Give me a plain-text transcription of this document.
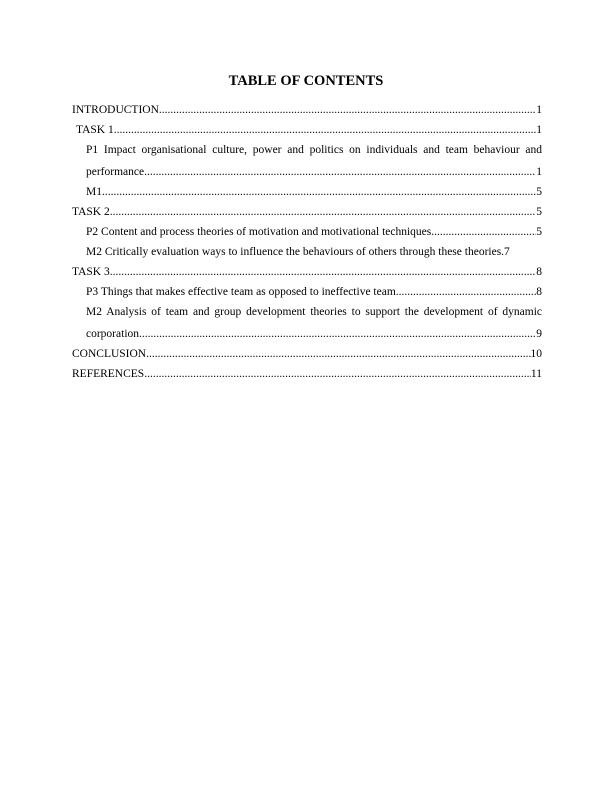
TABLE OF CONTENTS
INTRODUCTION .....	1
TASK 1 .....	1
P1 Impact organisational culture, power and politics on individuals and team behaviour and
performance .....	1
M1 .....	5
TASK 2 .....	5
P2 Content and process theories of motivation and motivational techniques .....	5
M2 Critically evaluation ways to influence the behaviours of others through these theories. 7
TASK 3 .....	8
P3 Things that makes effective team as opposed to ineffective team. .....	8
M2 Analysis of team and group development theories to support the development of dynamic
corporation. .....	9
CONCLUSION .....	10
REFERENCES .....	11
